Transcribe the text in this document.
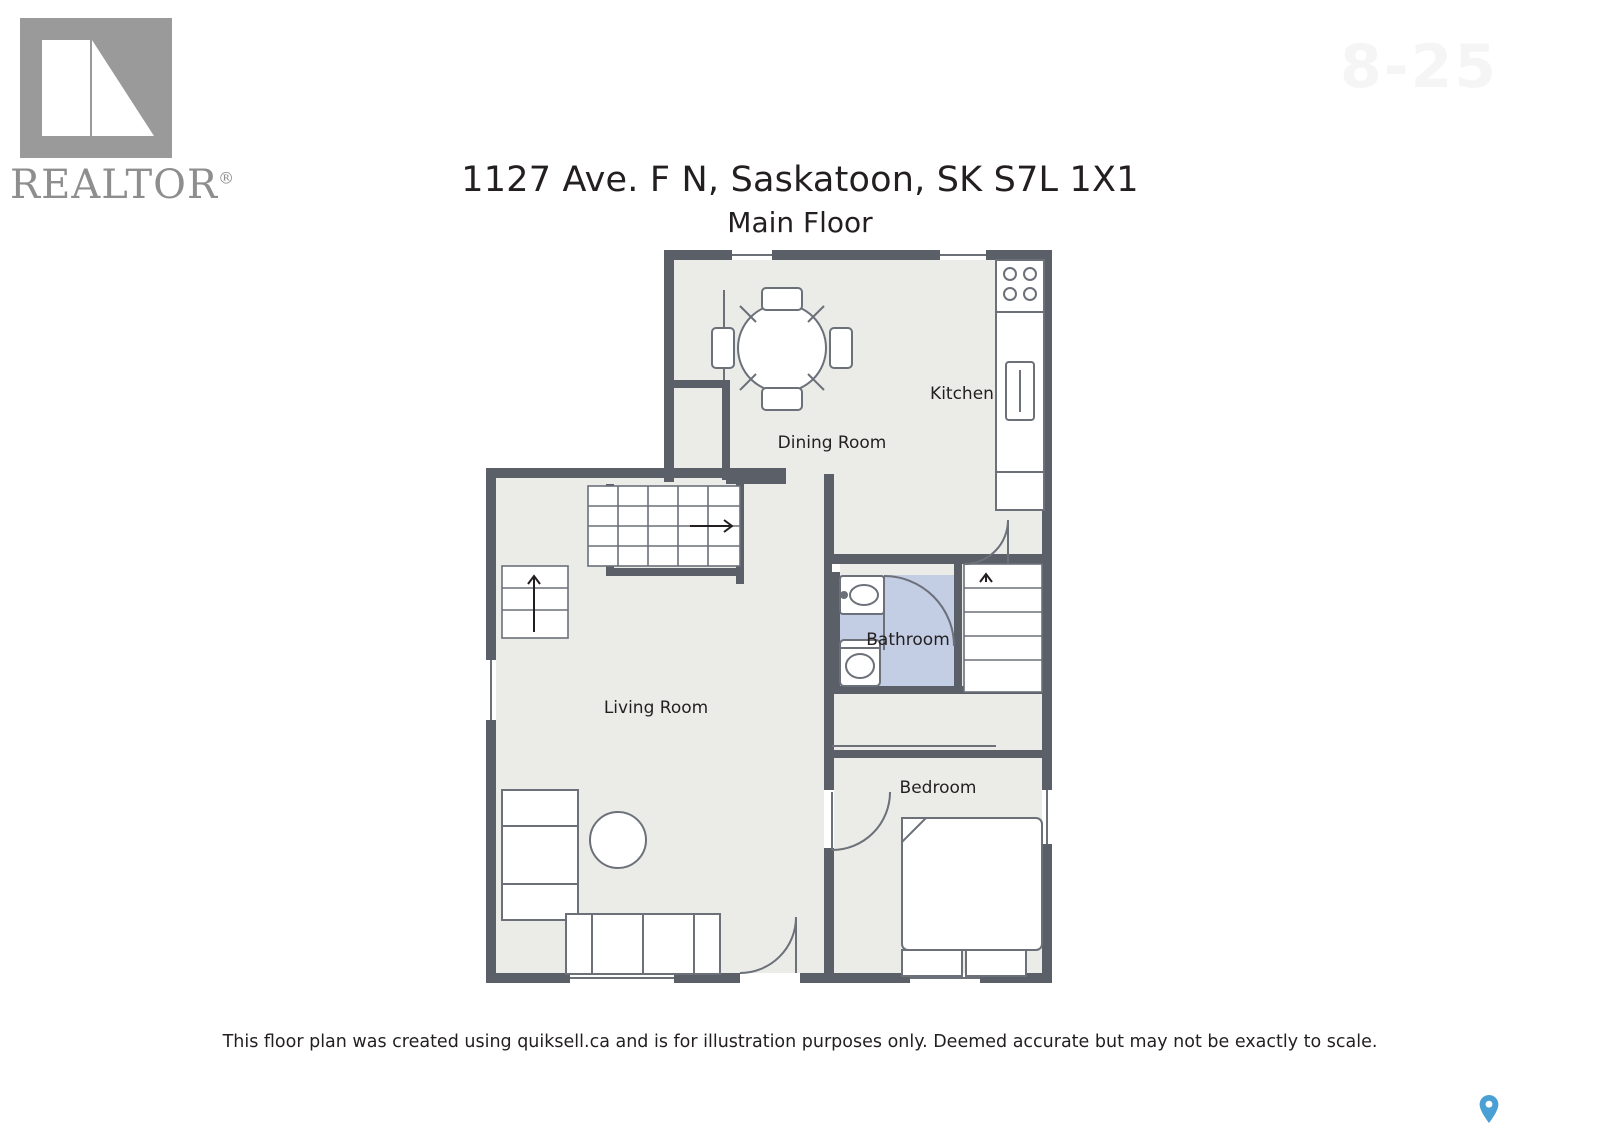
REALTOR®
8-25
1127 Ave. F N, Saskatoon, SK S7L 1X1
Main Floor
Kitchen
Dining Room
Bathroom
Living Room
Bedroom
This floor plan was created using quiksell.ca and is for illustration purposes only. Deemed accurate but may not be exactly to scale.
